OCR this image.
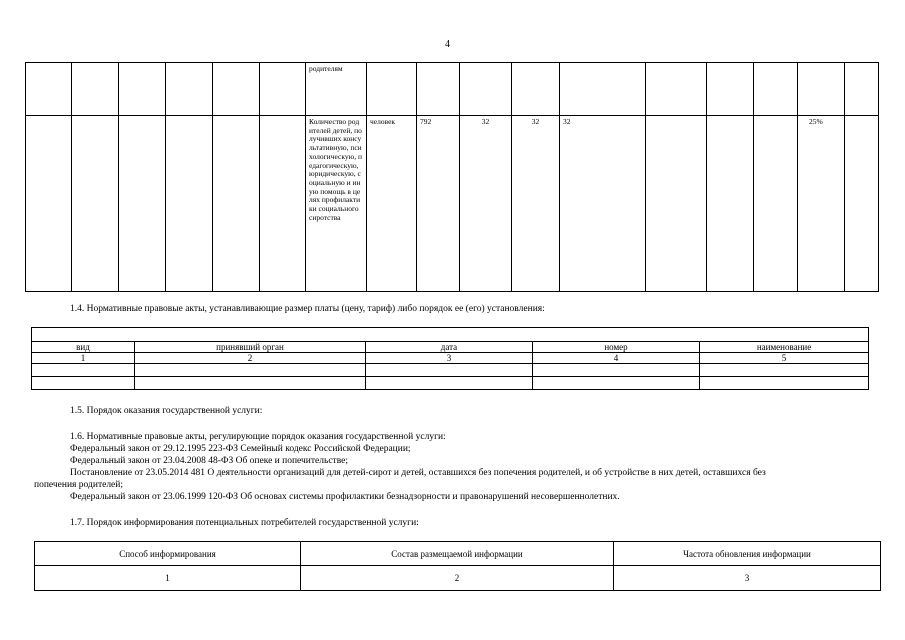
4
						родителям										
						Количество родителей детей, получивших консультативную, психологическую, педагогическую, юридическую, социальную и иную помощь в целях профилактики социального сиротства	человек	792	32	32	32				25%	
1.4. Нормативные правовые акты, устанавливающие размер платы (цену, тариф) либо порядок ее (его) установления:

вид	принявший орган	дата	номер	наименование
1	2	3	4	5

1.5. Порядок оказания государственной услуги:
1.6. Нормативные правовые акты, регулирующие порядок оказания государственной услуги:
Федеральный закон от 29.12.1995 223-ФЗ Семейный кодекс Российской Федерации;
Федеральный закон от 23.04.2008 48-ФЗ Об опеке и попечительстве;
Постановление от 23.05.2014 481 О деятельности организаций для детей-сирот и детей, оставшихся без попечения родителей, и об устройстве в них детей, оставшихся без
попечения родителей;
Федеральный закон от 23.06.1999 120-ФЗ Об основах системы профилактики безнадзорности и правонарушений несовершеннолетних.
1.7. Порядок информирования потенциальных потребителей государственной услуги:
Способ информирования	Состав размещаемой информации	Частота обновления информации
1	2	3
